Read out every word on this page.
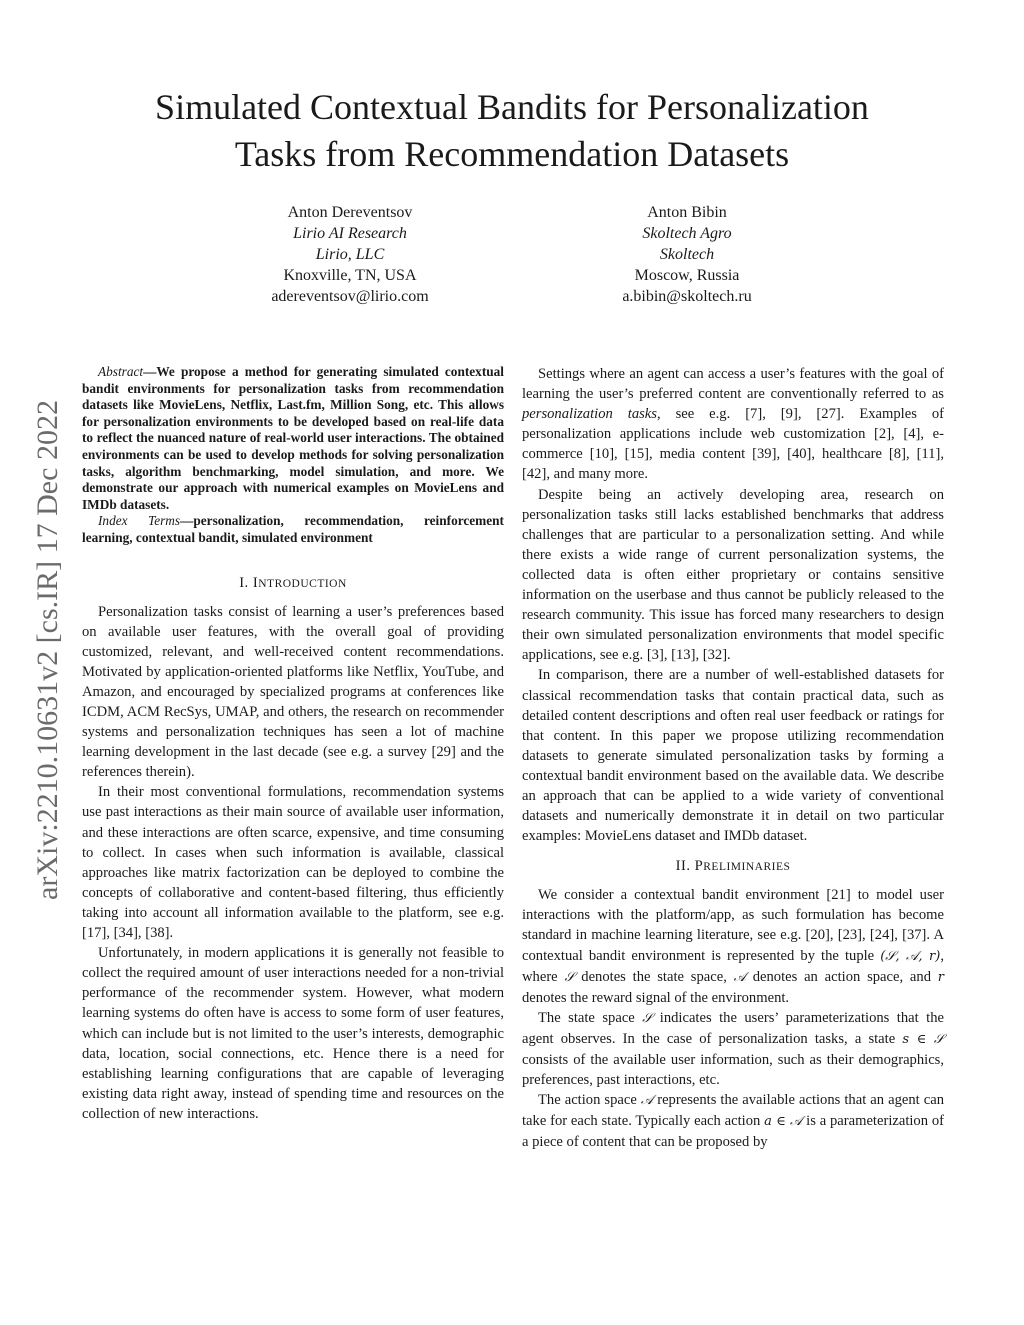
Simulated Contextual Bandits for Personalization
Tasks from Recommendation Datasets
Anton Dereventsov
Lirio AI Research
Lirio, LLC
Knoxville, TN, USA
adereventsov@lirio.com
Anton Bibin
Skoltech Agro
Skoltech
Moscow, Russia
a.bibin@skoltech.ru
arXiv:2210.10631v2 [cs.IR] 17 Dec 2022

Abstract—We propose a method for generating simulated contextual bandit environments for personalization tasks from recommendation datasets like MovieLens, Netflix, Last.fm, Million Song, etc. This allows for personalization environments to be developed based on real-life data to reflect the nuanced nature of real-world user interactions. The obtained environments can be used to develop methods for solving personalization tasks, algorithm benchmarking, model simulation, and more. We demonstrate our approach with numerical examples on MovieLens and IMDb datasets.

Index Terms—personalization, recommendation, reinforcement learning, contextual bandit, simulated environment

I. INTRODUCTION

Personalization tasks consist of learning a user’s preferences based on available user features, with the overall goal of providing customized, relevant, and well-received content recommendations. Motivated by application-oriented platforms like Netflix, YouTube, and Amazon, and encouraged by specialized programs at conferences like ICDM, ACM RecSys, UMAP, and others, the research on recommender systems and personalization techniques has seen a lot of machine learning development in the last decade (see e.g. a survey [29] and the references therein).

In their most conventional formulations, recommendation systems use past interactions as their main source of available user information, and these interactions are often scarce, expensive, and time consuming to collect. In cases when such information is available, classical approaches like matrix factorization can be deployed to combine the concepts of collaborative and content-based filtering, thus efficiently taking into account all information available to the platform, see e.g. [17], [34], [38].

Unfortunately, in modern applications it is generally not feasible to collect the required amount of user interactions needed for a non-trivial performance of the recommender system. However, what modern learning systems do often have is access to some form of user features, which can include but is not limited to the user’s interests, demographic data, location, social connections, etc. Hence there is a need for establishing learning configurations that are capable of leveraging existing data right away, instead of spending time and resources on the collection of new interactions.

Settings where an agent can access a user’s features with the goal of learning the user’s preferred content are conventionally referred to as personalization tasks, see e.g. [7], [9], [27]. Examples of personalization applications include web customization [2], [4], e-commerce [10], [15], media content [39], [40], healthcare [8], [11], [42], and many more.

Despite being an actively developing area, research on personalization tasks still lacks established benchmarks that address challenges that are particular to a personalization setting. And while there exists a wide range of current personalization systems, the collected data is often either proprietary or contains sensitive information on the userbase and thus cannot be publicly released to the research community. This issue has forced many researchers to design their own simulated personalization environments that model specific applications, see e.g. [3], [13], [32].

In comparison, there are a number of well-established datasets for classical recommendation tasks that contain practical data, such as detailed content descriptions and often real user feedback or ratings for that content. In this paper we propose utilizing recommendation datasets to generate simulated personalization tasks by forming a contextual bandit environment based on the available data. We describe an approach that can be applied to a wide variety of conventional datasets and numerically demonstrate it in detail on two particular examples: MovieLens dataset and IMDb dataset.

II. PRELIMINARIES

We consider a contextual bandit environment [21] to model user interactions with the platform/app, as such formulation has become standard in machine learning literature, see e.g. [20], [23], [24], [37]. A contextual bandit environment is represented by the tuple (𝒮, 𝒜, r), where 𝒮 denotes the state space, 𝒜 denotes an action space, and r denotes the reward signal of the environment.

The state space 𝒮 indicates the users’ parameterizations that the agent observes. In the case of personalization tasks, a state s ∈ 𝒮 consists of the available user information, such as their demographics, preferences, past interactions, etc.

The action space 𝒜 represents the available actions that an agent can take for each state. Typically each action a ∈ 𝒜 is a parameterization of a piece of content that can be proposed by
